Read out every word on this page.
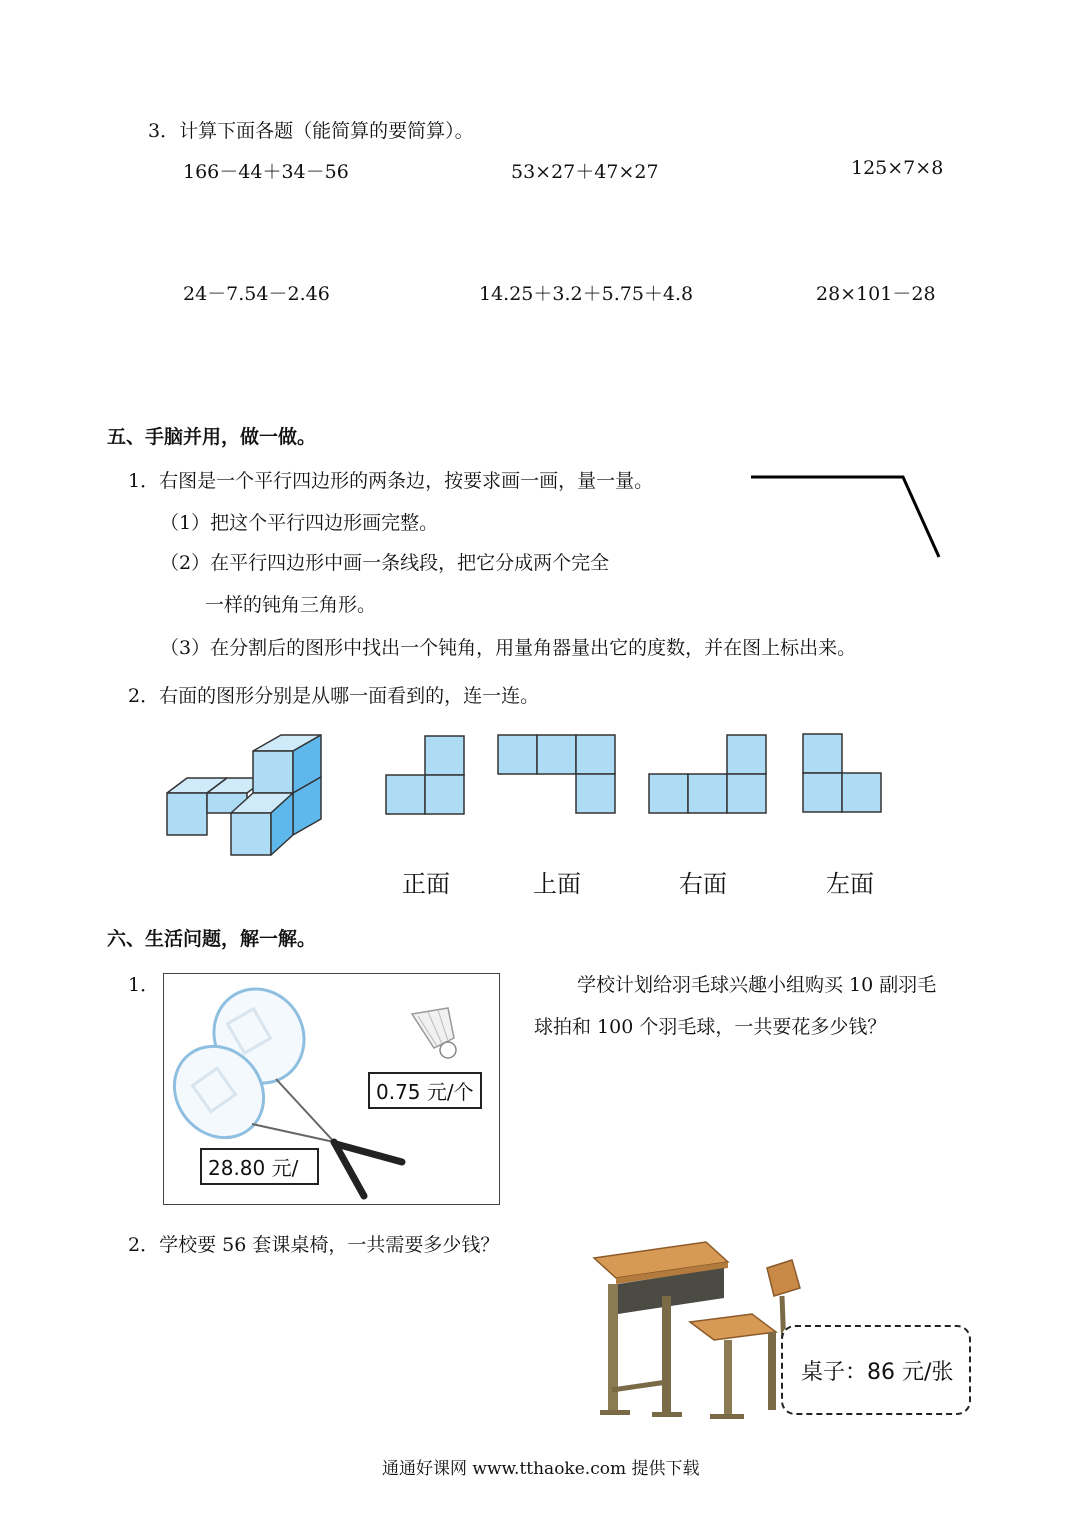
3．计算下面各题（能简算的要简算）。
166－44＋34－56	53×27＋47×27	125×7×8
24－7.54－2.46	14.25＋3.2＋5.75＋4.8	28×101－28
五、手脑并用，做一做。
1．右图是一个平行四边形的两条边，按要求画一画，量一量。
（1）把这个平行四边形画完整。
（2）在平行四边形中画一条线段，把它分成两个完全
一样的钝角三角形。
（3）在分割后的图形中找出一个钝角，用量角器量出它的度数，并在图上标出来。
2．右面的图形分别是从哪一面看到的，连一连。
正面	上面	右面	左面
六、生活问题，解一解。
1．
0.75 元/个
28.80 元/
学校计划给羽毛球兴趣小组购买 10 副羽毛
球拍和 100 个羽毛球，一共要花多少钱？
2．学校要 56 套课桌椅，一共需要多少钱？
桌子：86 元/张
通通好课网 www.tthaoke.com 提供下载
